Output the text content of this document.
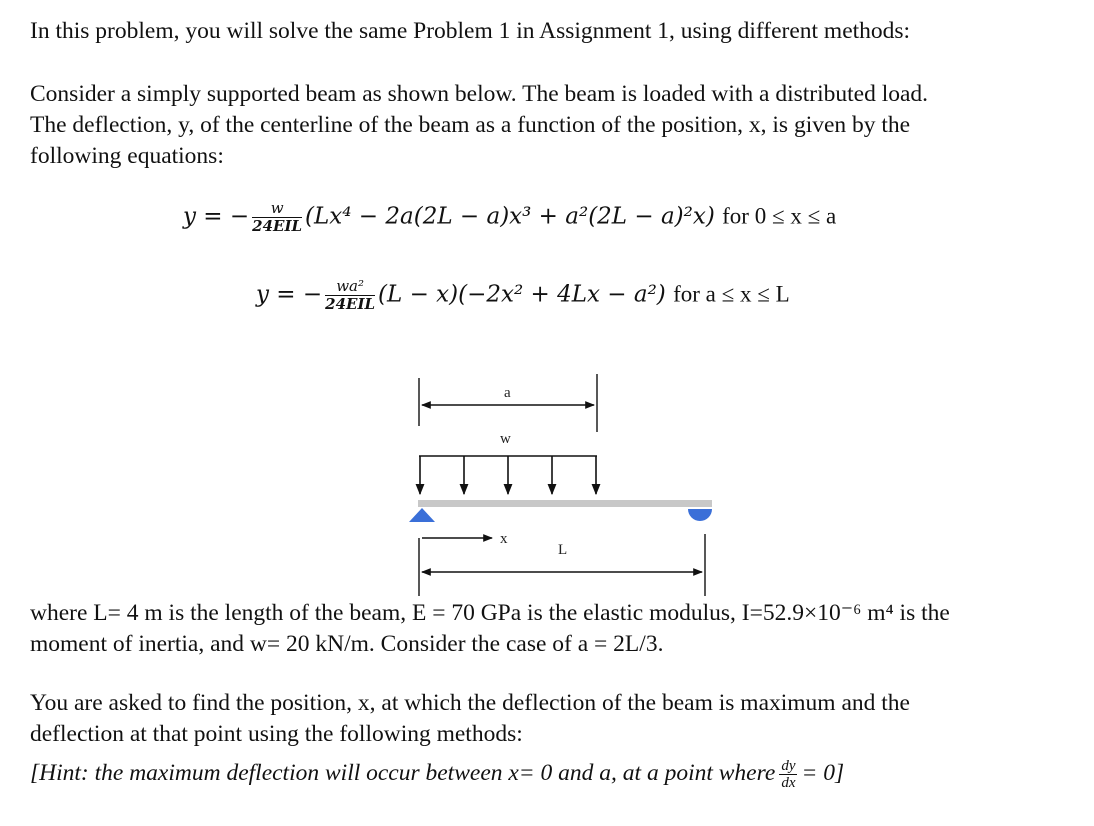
In this problem, you will solve the same Problem 1 in Assignment 1, using different methods:
Consider a simply supported beam as shown below. The beam is loaded with a distributed load.
The deflection, y, of the centerline of the beam as a function of the position, x, is given by the
following equations:
where L= 4 m is the length of the beam, E = 70 GPa is the elastic modulus, I=52.9×10⁻⁶ m⁴ is the
moment of inertia, and w= 20 kN/m. Consider the case of a = 2L/3.
You are asked to find the position, x, at which the deflection of the beam is maximum and the
deflection at that point using the following methods:
y = − $\frac{w}{\text{24EIL}} (Lx^4 - 2a(2L - a)x^3 + a^2(2L - a)^2x)$ for 0 ≤ x ≤ a
y = − $\frac{\text{wa²}}{\text{24EIL}} (L - x)(-2x^2 + 4Lx - a^2)$ for a ≤ x ≤ L
a
w
x
L
[Hint: the maximum deflection will occur between x= 0 and a, at a point where $\frac{dy}{dx} = 0$]
